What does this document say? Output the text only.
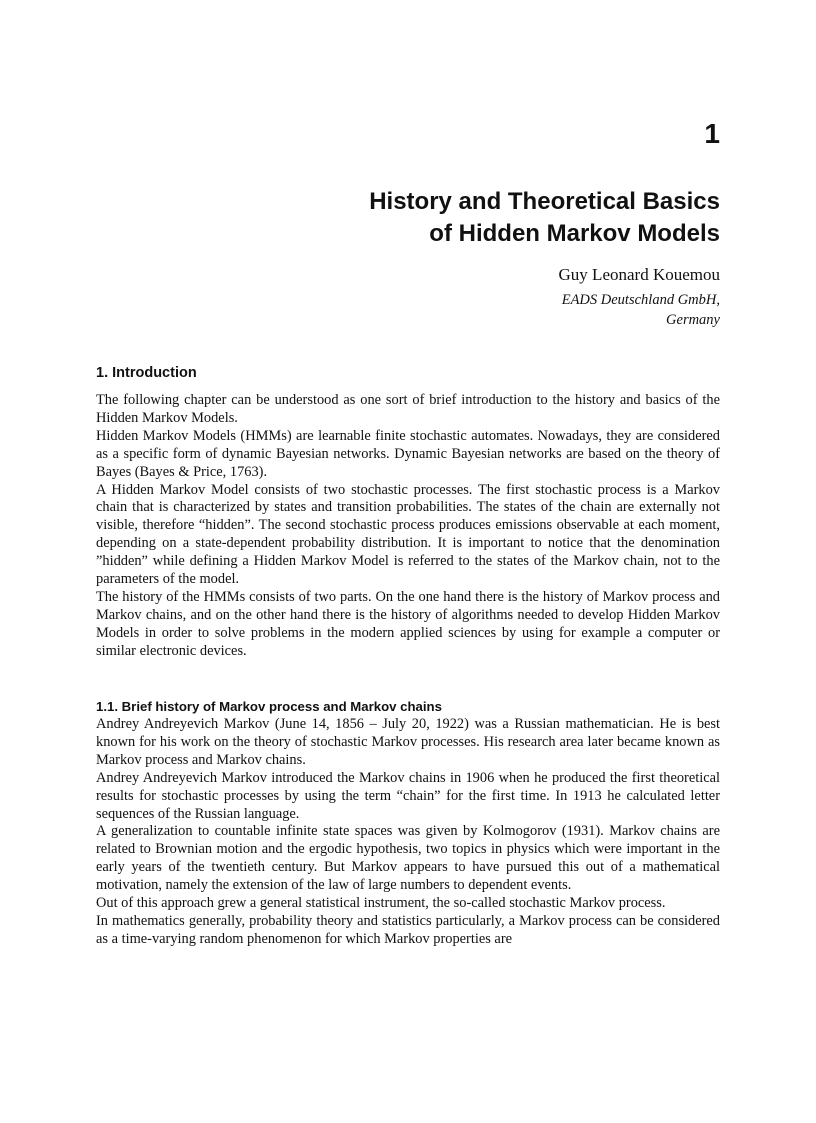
1
History and Theoretical Basics
of Hidden Markov Models
Guy Leonard Kouemou
EADS Deutschland GmbH,
Germany
1. Introduction

The following chapter can be understood as one sort of brief introduction to the history and basics of the Hidden Markov Models.

Hidden Markov Models (HMMs) are learnable finite stochastic automates. Nowadays, they are considered as a specific form of dynamic Bayesian networks. Dynamic Bayesian networks are based on the theory of Bayes (Bayes & Price, 1763).

A Hidden Markov Model consists of two stochastic processes. The first stochastic process is a Markov chain that is characterized by states and transition probabilities. The states of the chain are externally not visible, therefore “hidden”. The second stochastic process produces emissions observable at each moment, depending on a state-dependent probability distribution. It is important to notice that the denomination ”hidden” while defining a Hidden Markov Model is referred to the states of the Markov chain, not to the parameters of the model.

The history of the HMMs consists of two parts. On the one hand there is the history of Markov process and Markov chains, and on the other hand there is the history of algorithms needed to develop Hidden Markov Models in order to solve problems in the modern applied sciences by using for example a computer or similar electronic devices.

1.1. Brief history of Markov process and Markov chains

Andrey Andreyevich Markov (June 14, 1856 – July 20, 1922) was a Russian mathematician. He is best known for his work on the theory of stochastic Markov processes. His research area later became known as Markov process and Markov chains.

Andrey Andreyevich Markov introduced the Markov chains in 1906 when he produced the first theoretical results for stochastic processes by using the term “chain” for the first time. In 1913 he calculated letter sequences of the Russian language.

A generalization to countable infinite state spaces was given by Kolmogorov (1931). Markov chains are related to Brownian motion and the ergodic hypothesis, two topics in physics which were important in the early years of the twentieth century. But Markov appears to have pursued this out of a mathematical motivation, namely the extension of the law of large numbers to dependent events.

Out of this approach grew a general statistical instrument, the so-called stochastic Markov process.

In mathematics generally, probability theory and statistics particularly, a Markov process can be considered as a time-varying random phenomenon for which Markov properties are
